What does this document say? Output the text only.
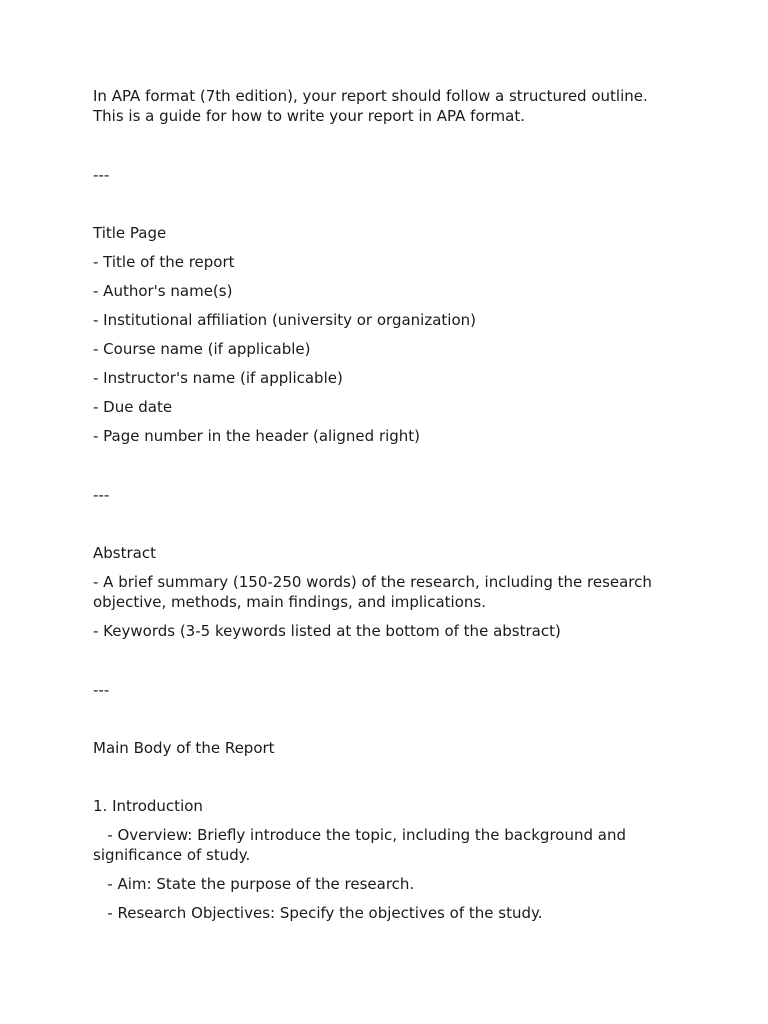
In APA format (7th edition), your report should follow a structured outline.

This is a guide for how to write your report in APA format.

---

Title Page

- Title of the report

- Author's name(s)

- Institutional affiliation (university or organization)

- Course name (if applicable)

- Instructor's name (if applicable)

- Due date

- Page number in the header (aligned right)

---

Abstract

- A brief summary (150-250 words) of the research, including the research objective, methods, main findings, and implications.

- Keywords (3-5 keywords listed at the bottom of the abstract)

---

Main Body of the Report

1. Introduction

- Overview: Briefly introduce the topic, including the background and significance of study.

- Aim: State the purpose of the research.

- Research Objectives: Specify the objectives of the study.
